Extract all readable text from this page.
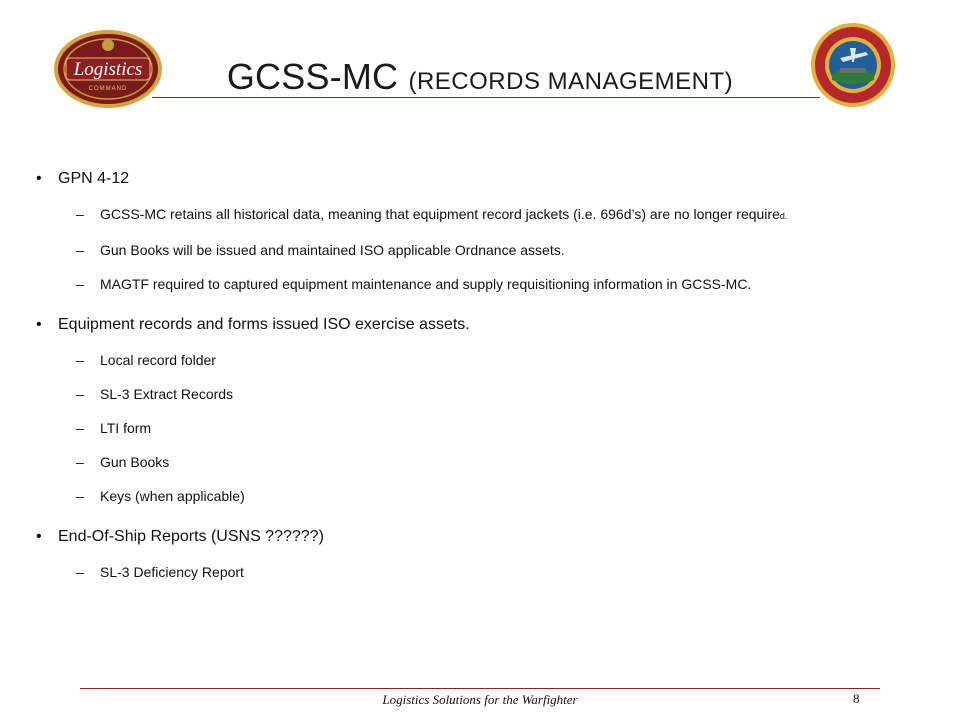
Logistics
COMMAND	GCSS-MC (RECORDS MANAGEMENT)
• GPN 4-12
– GCSS-MC retains all historical data, meaning that equipment record jackets (i.e. 696d’s) are no longer required.
– Gun Books will be issued and maintained ISO applicable Ordnance assets.
– MAGTF required to captured equipment maintenance and supply requisitioning information in GCSS-MC.
• Equipment records and forms issued ISO exercise assets.
– Local record folder
– SL-3 Extract Records
– LTI form
– Gun Books
– Keys (when applicable)
• End-Of-Ship Reports (USNS ??????)
– SL-3 Deficiency Report
Logistics Solutions for the Warfighter	8
